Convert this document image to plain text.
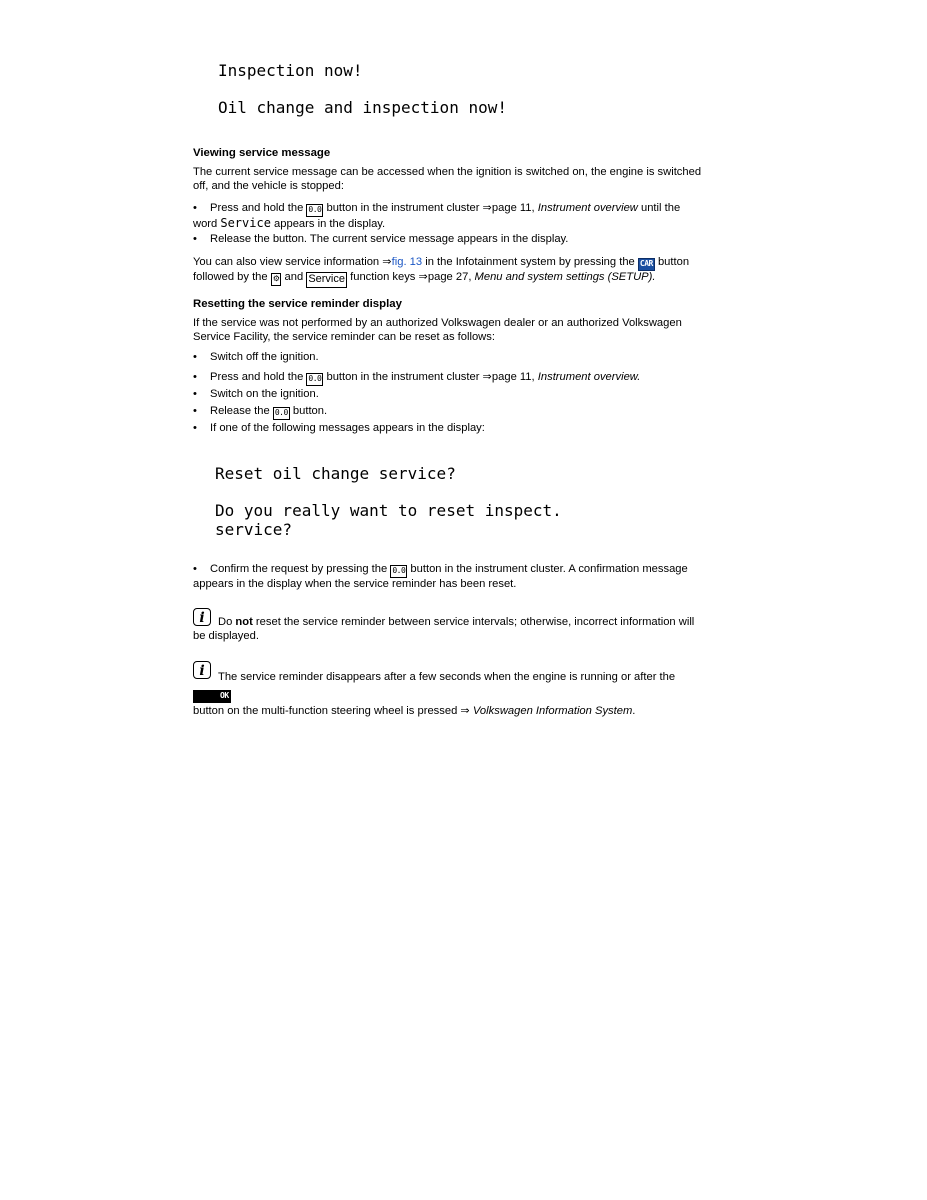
Inspection now!
Oil change and inspection now!
Viewing service message
The current service message can be accessed when the ignition is switched on, the engine is switched off, and the vehicle is stopped:
• Press and hold the 0.0 button in the instrument cluster ⇒page 11, Instrument overview until the
word Service appears in the display.
• Release the button. The current service message appears in the display.
You can also view service information ⇒fig. 13 in the Infotainment system by pressing the CAR button
followed by the ⚙ and Service function keys ⇒page 27, Menu and system settings (SETUP).
Resetting the service reminder display
If the service was not performed by an authorized Volkswagen dealer or an authorized Volkswagen Service Facility, the service reminder can be reset as follows:
• Switch off the ignition.
• Press and hold the 0.0 button in the instrument cluster ⇒page 11, Instrument overview.
• Switch on the ignition.
• Release the 0.0 button.
• If one of the following messages appears in the display:
Reset oil change service?
Do you really want to reset inspect.
service?
• Confirm the request by pressing the 0.0 button in the instrument cluster. A confirmation message
appears in the display when the service reminder has been reset.
i	Do not reset the service reminder between service intervals; otherwise, incorrect information will
be displayed.
i	The service reminder disappears after a few seconds when the engine is running or after the OK
button on the multi-function steering wheel is pressed ⇒ Volkswagen Information System.
